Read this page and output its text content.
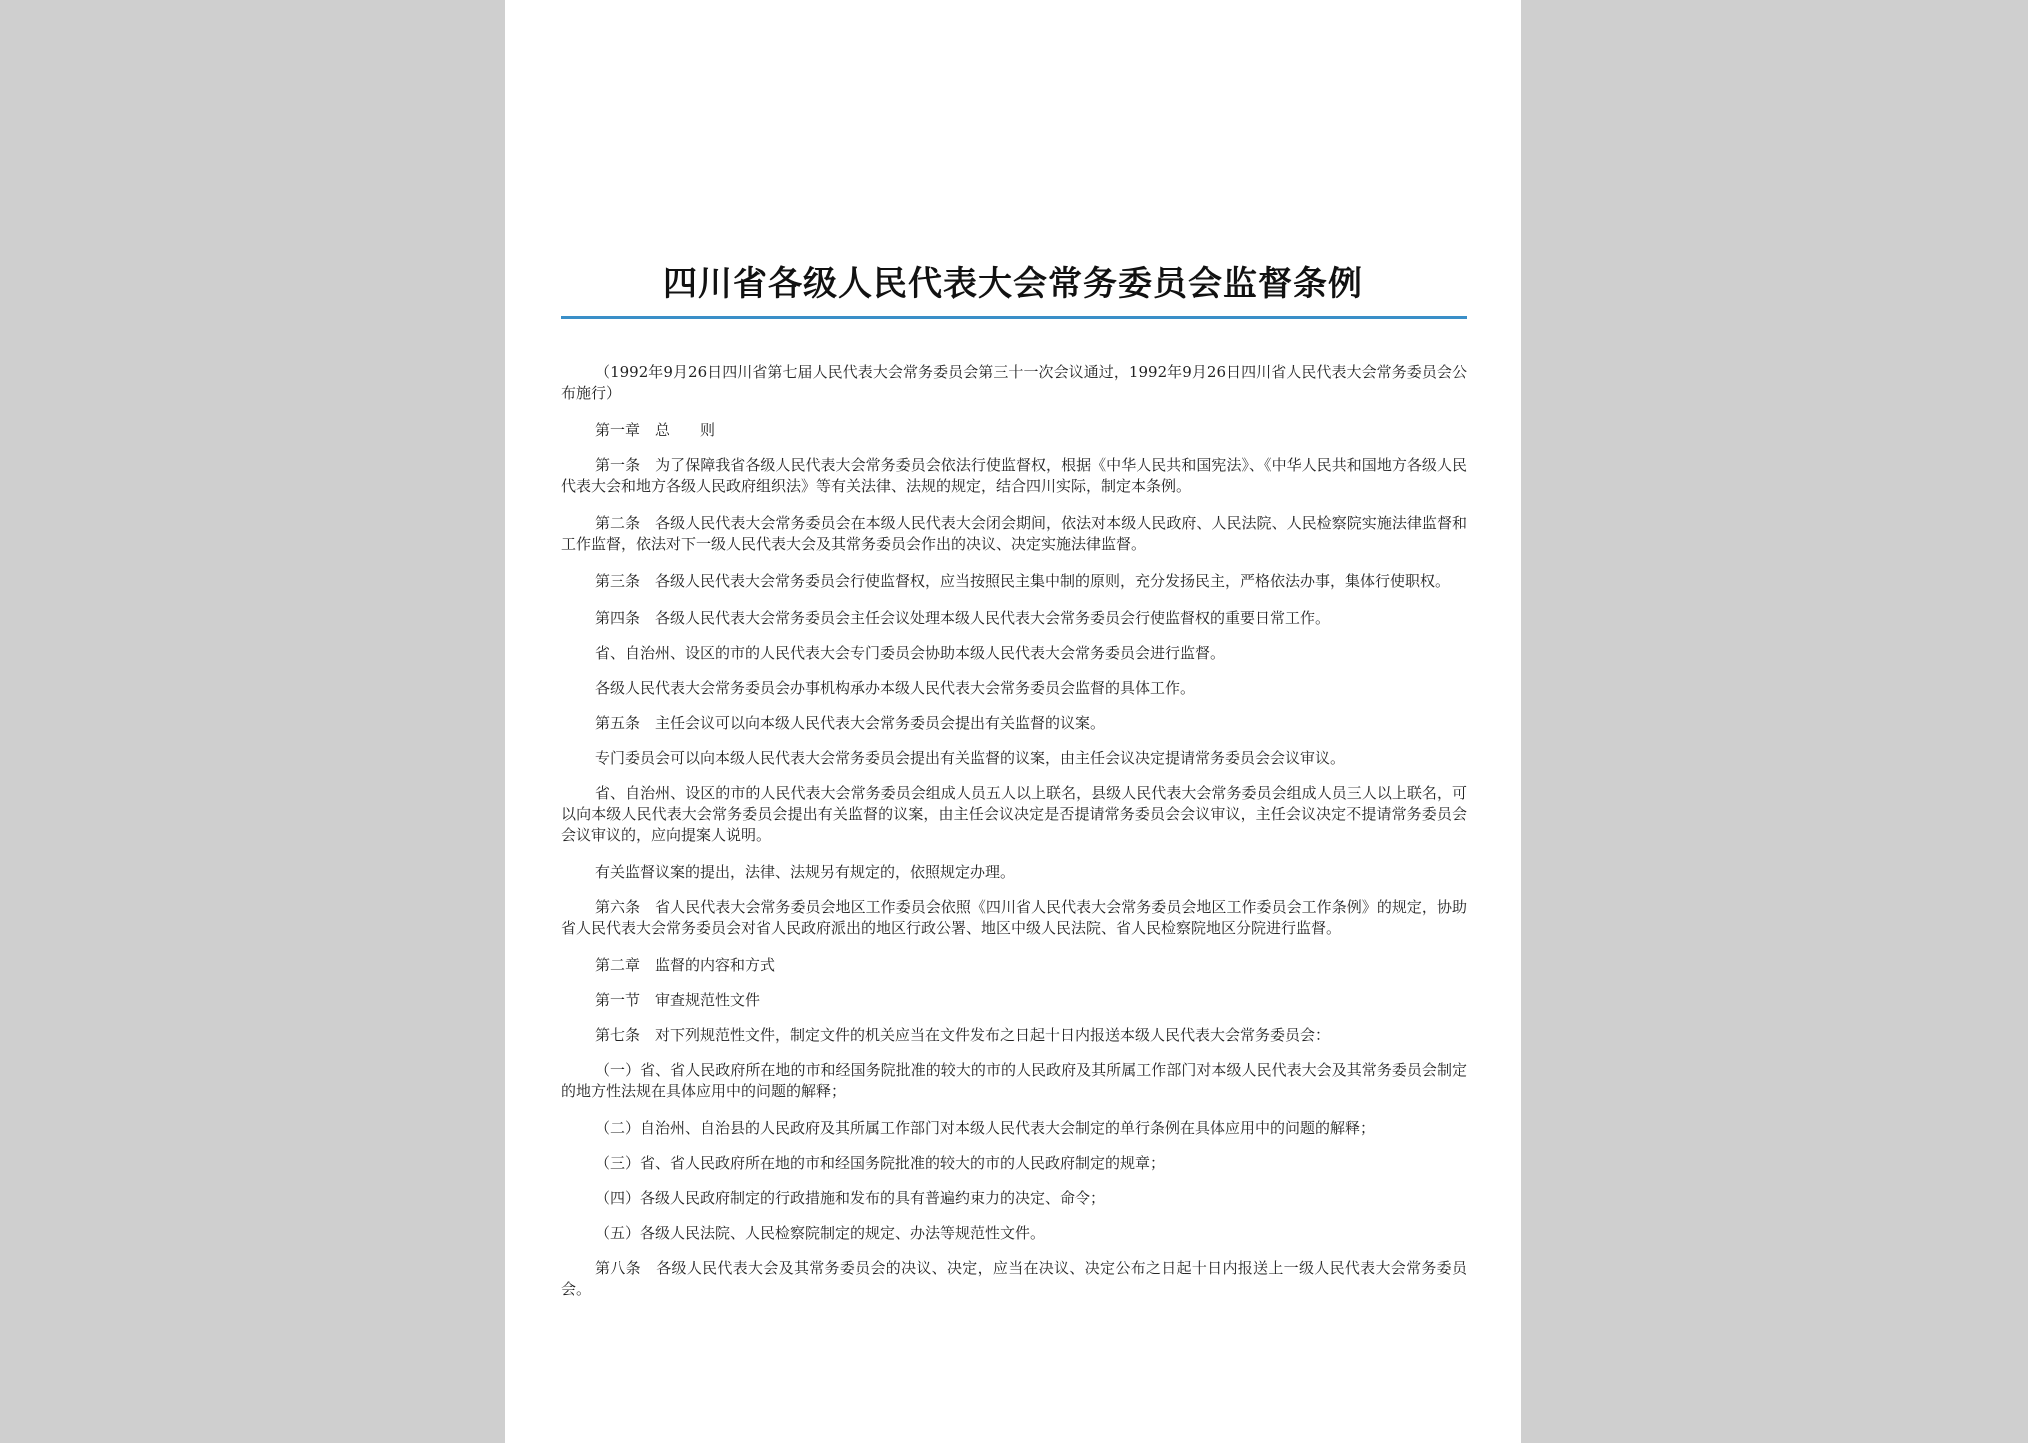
四川省各级人民代表大会常务委员会监督条例

（1992年9月26日四川省第七届人民代表大会常务委员会第三十一次会议通过，1992年9月26日四川省人民代表大会常务委员会公布施行）

第一章　总　　则

第一条　为了保障我省各级人民代表大会常务委员会依法行使监督权，根据《中华人民共和国宪法》、《中华人民共和国地方各级人民代表大会和地方各级人民政府组织法》等有关法律、法规的规定，结合四川实际，制定本条例。

第二条　各级人民代表大会常务委员会在本级人民代表大会闭会期间，依法对本级人民政府、人民法院、人民检察院实施法律监督和工作监督，依法对下一级人民代表大会及其常务委员会作出的决议、决定实施法律监督。

第三条　各级人民代表大会常务委员会行使监督权，应当按照民主集中制的原则，充分发扬民主，严格依法办事，集体行使职权。

第四条　各级人民代表大会常务委员会主任会议处理本级人民代表大会常务委员会行使监督权的重要日常工作。

省、自治州、设区的市的人民代表大会专门委员会协助本级人民代表大会常务委员会进行监督。

各级人民代表大会常务委员会办事机构承办本级人民代表大会常务委员会监督的具体工作。

第五条　主任会议可以向本级人民代表大会常务委员会提出有关监督的议案。

专门委员会可以向本级人民代表大会常务委员会提出有关监督的议案，由主任会议决定提请常务委员会会议审议。

省、自治州、设区的市的人民代表大会常务委员会组成人员五人以上联名，县级人民代表大会常务委员会组成人员三人以上联名，可以向本级人民代表大会常务委员会提出有关监督的议案，由主任会议决定是否提请常务委员会会议审议，主任会议决定不提请常务委员会会议审议的，应向提案人说明。

有关监督议案的提出，法律、法规另有规定的，依照规定办理。

第六条　省人民代表大会常务委员会地区工作委员会依照《四川省人民代表大会常务委员会地区工作委员会工作条例》的规定，协助省人民代表大会常务委员会对省人民政府派出的地区行政公署、地区中级人民法院、省人民检察院地区分院进行监督。

第二章　监督的内容和方式

第一节　审查规范性文件

第七条　对下列规范性文件，制定文件的机关应当在文件发布之日起十日内报送本级人民代表大会常务委员会：

（一）省、省人民政府所在地的市和经国务院批准的较大的市的人民政府及其所属工作部门对本级人民代表大会及其常务委员会制定的地方性法规在具体应用中的问题的解释；

（二）自治州、自治县的人民政府及其所属工作部门对本级人民代表大会制定的单行条例在具体应用中的问题的解释；

（三）省、省人民政府所在地的市和经国务院批准的较大的市的人民政府制定的规章；

（四）各级人民政府制定的行政措施和发布的具有普遍约束力的决定、命令；

（五）各级人民法院、人民检察院制定的规定、办法等规范性文件。

第八条　各级人民代表大会及其常务委员会的决议、决定，应当在决议、决定公布之日起十日内报送上一级人民代表大会常务委员会。
